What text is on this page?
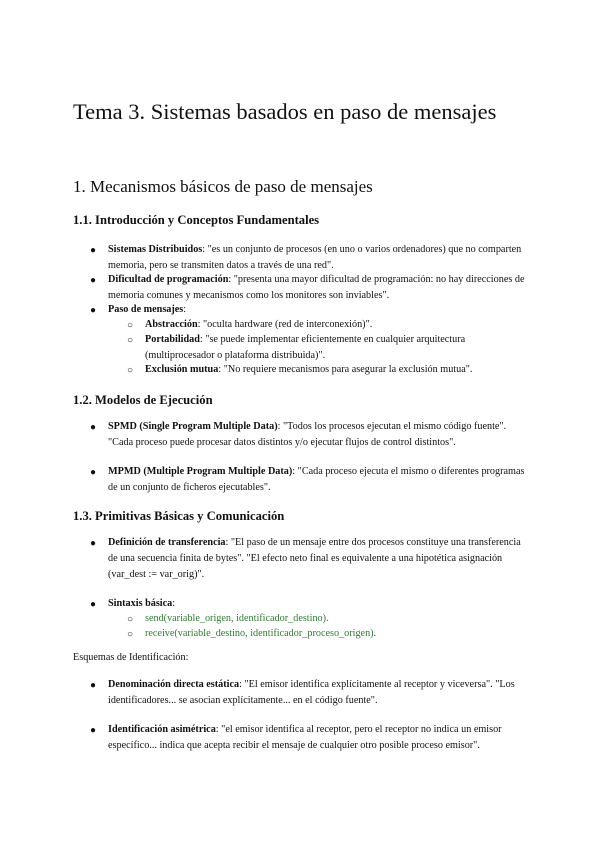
Tema 3. Sistemas basados en paso de mensajes
1. Mecanismos básicos de paso de mensajes
1.1. Introducción y Conceptos Fundamentales
● Sistemas Distribuidos: "es un conjunto de procesos (en uno o varios ordenadores) que no comparten memoria, pero se transmiten datos a través de una red".
● Dificultad de programación: "presenta una mayor dificultad de programación: no hay direcciones de memoria comunes y mecanismos como los monitores son inviables".
● Paso de mensajes:
○ Abstracción: "oculta hardware (red de interconexión)".
○ Portabilidad: "se puede implementar eficientemente en cualquier arquitectura (multiprocesador o plataforma distribuida)".
○ Exclusión mutua: "No requiere mecanismos para asegurar la exclusión mutua".
1.2. Modelos de Ejecución
● SPMD (Single Program Multiple Data): "Todos los procesos ejecutan el mismo código fuente". "Cada proceso puede procesar datos distintos y/o ejecutar flujos de control distintos".
● MPMD (Multiple Program Multiple Data): "Cada proceso ejecuta el mismo o diferentes programas de un conjunto de ficheros ejecutables".
1.3. Primitivas Básicas y Comunicación
● Definición de transferencia: "El paso de un mensaje entre dos procesos constituye una transferencia de una secuencia finita de bytes". "El efecto neto final es equivalente a una hipotética asignación (var_dest := var_orig)".
● Sintaxis básica:
○ send(variable_origen, identificador_destino).
○ receive(variable_destino, identificador_proceso_origen).
Esquemas de Identificación:
● Denominación directa estática: "El emisor identifica explícitamente al receptor y viceversa". "Los identificadores... se asocian explícitamente... en el código fuente".
● Identificación asimétrica: "el emisor identifica al receptor, pero el receptor no indica un emisor específico... indica que acepta recibir el mensaje de cualquier otro posible proceso emisor".
